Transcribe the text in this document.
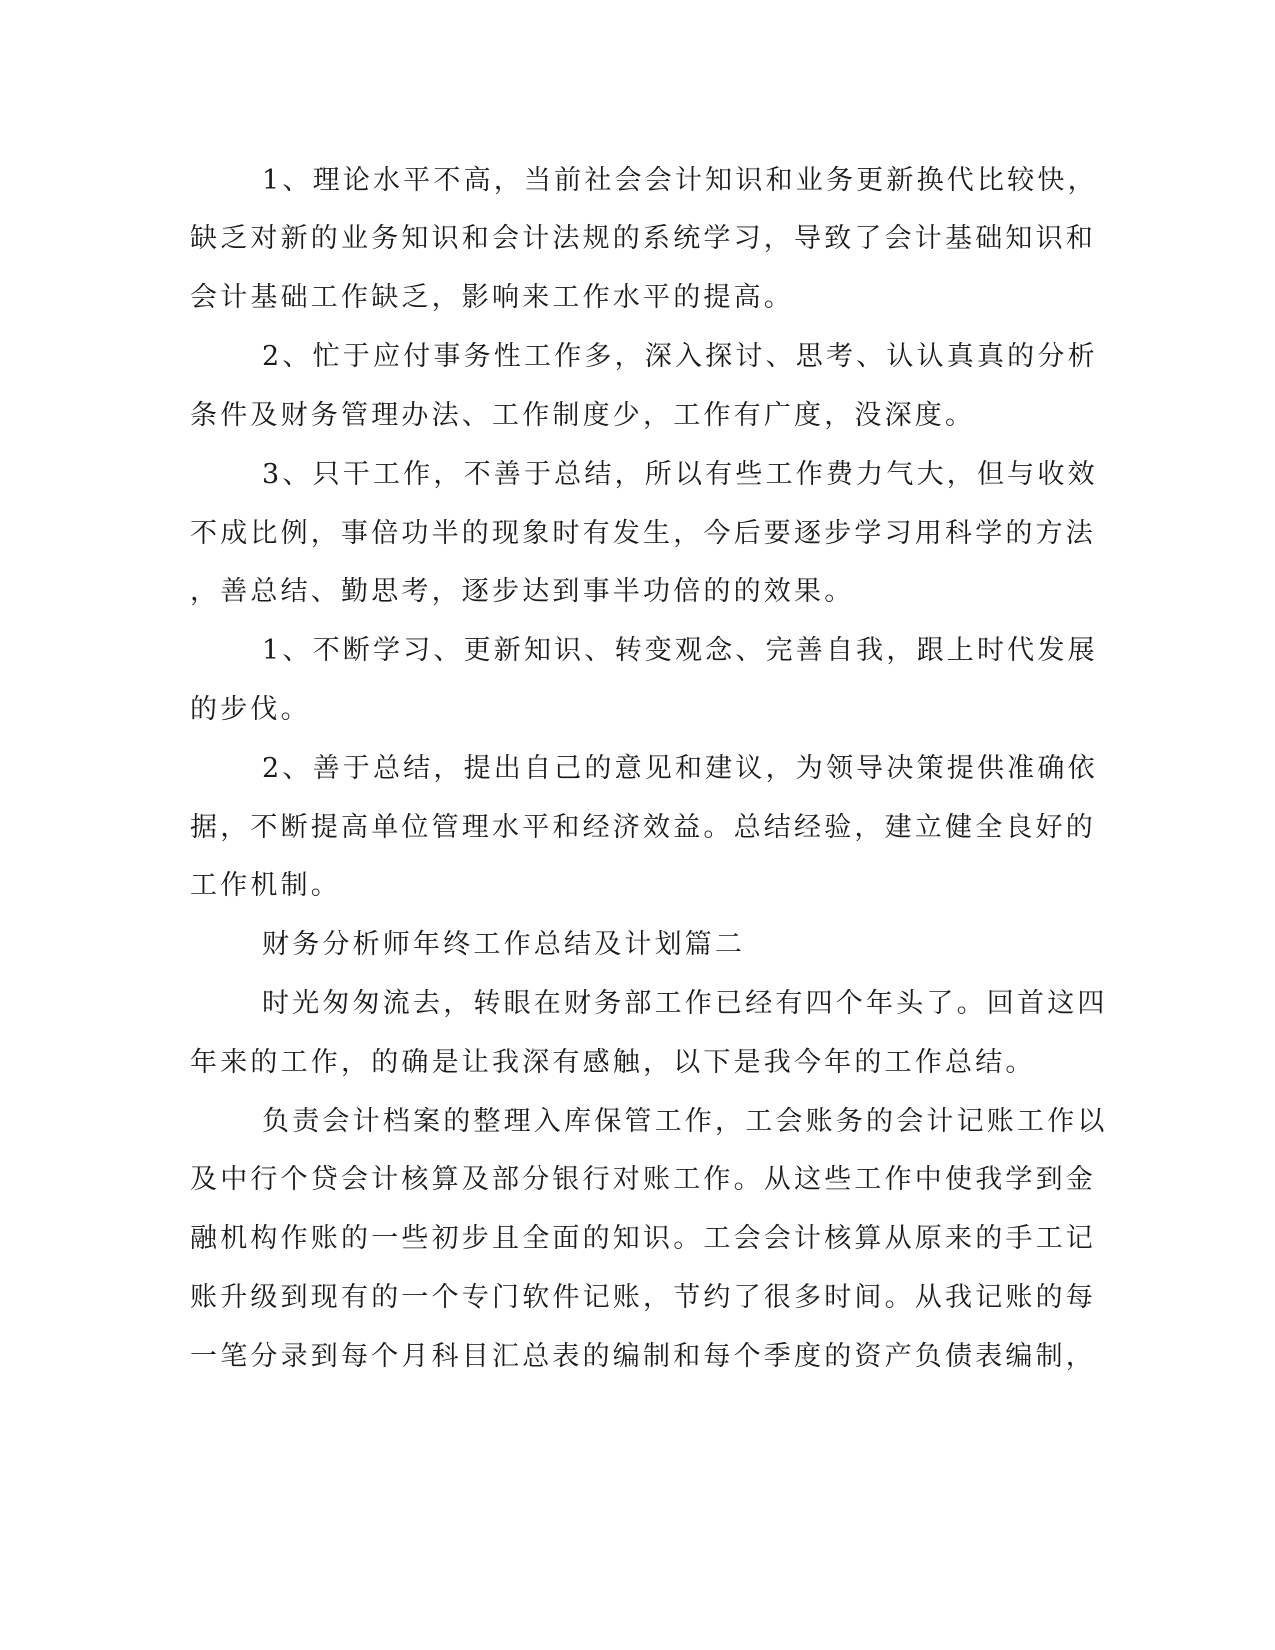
1、理论水平不高，当前社会会计知识和业务更新换代比较快，
缺乏对新的业务知识和会计法规的系统学习，导致了会计基础知识和
会计基础工作缺乏，影响来工作水平的提高。
2、忙于应付事务性工作多，深入探讨、思考、认认真真的分析
条件及财务管理办法、工作制度少，工作有广度，没深度。
3、只干工作，不善于总结，所以有些工作费力气大，但与收效
不成比例，事倍功半的现象时有发生，今后要逐步学习用科学的方法
，善总结、勤思考，逐步达到事半功倍的的效果。
1、不断学习、更新知识、转变观念、完善自我，跟上时代发展
的步伐。
2、善于总结，提出自己的意见和建议，为领导决策提供准确依
据，不断提高单位管理水平和经济效益。总结经验，建立健全良好的
工作机制。
财务分析师年终工作总结及计划篇二
时光匆匆流去，转眼在财务部工作已经有四个年头了。回首这四
年来的工作，的确是让我深有感触，以下是我今年的工作总结。
负责会计档案的整理入库保管工作，工会账务的会计记账工作以
及中行个贷会计核算及部分银行对账工作。从这些工作中使我学到金
融机构作账的一些初步且全面的知识。工会会计核算从原来的手工记
账升级到现有的一个专门软件记账，节约了很多时间。从我记账的每
一笔分录到每个月科目汇总表的编制和每个季度的资产负债表编制，
